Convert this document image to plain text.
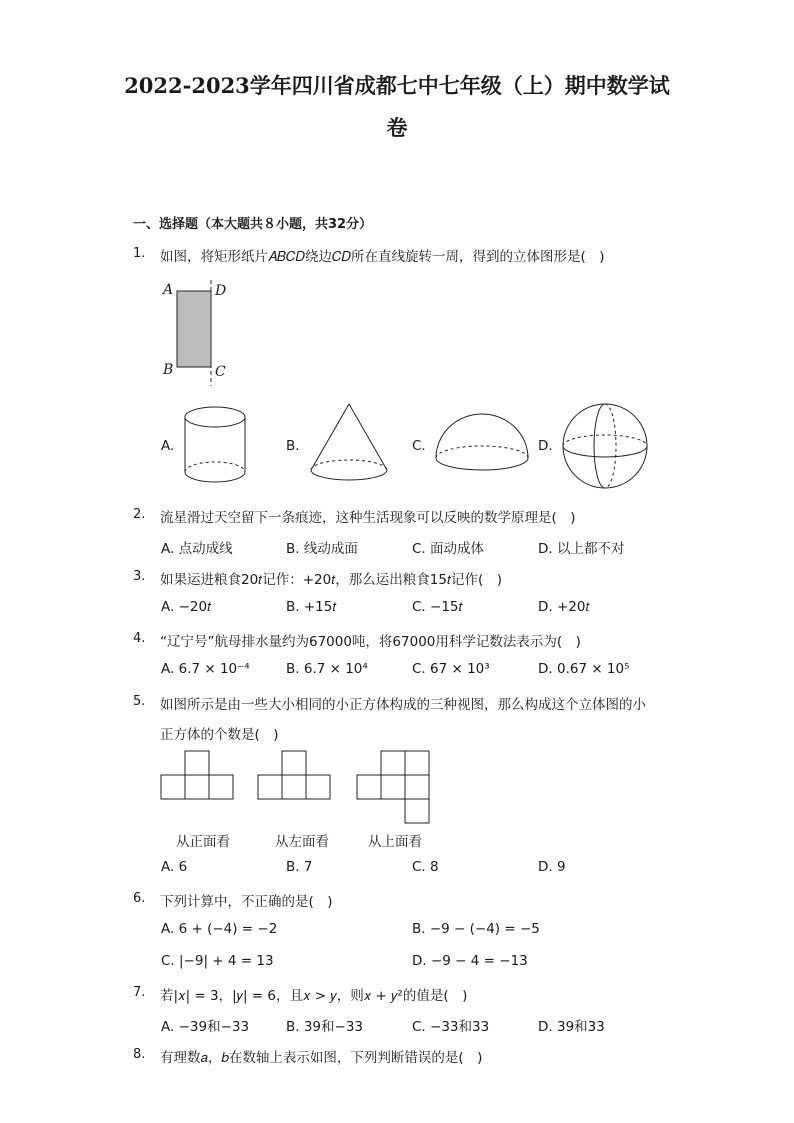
2022-2023学年四川省成都七中七年级（上）期中数学试
卷
一、选择题（本大题共８小题，共32分）
1. 如图，将矩形纸片𝐴𝐵𝐶𝐷绕边𝐶𝐷所在直线旋转一周，得到的立体图形是(　)
A	D
B	C
A.	B.	C.	D.
2. 流星滑过天空留下一条痕迹，这种生活现象可以反映的数学原理是(　)
A. 点动成线	B. 线动成面	C. 面动成体	D. 以上都不对
3. 如果运进粮食20𝑡记作：+20𝑡，那么运出粮食15𝑡记作(　)
A. −20𝑡	B. +15𝑡	C. −15𝑡	D. +20𝑡
4. “辽宁号”航母排水量约为67000吨，将67000用科学记数法表示为(　)
A. 6.7 × 10⁻⁴	B. 6.7 × 10⁴	C. 67 × 10³	D. 0.67 × 10⁵
5. 如图所示是由一些大小相同的小正方体构成的三种视图，那么构成这个立体图的小
正方体的个数是(　)
从正面看	从左面看	从上面看
A. 6	B. 7	C. 8	D. 9
6. 下列计算中，不正确的是(　)
A. 6 + (−4) = −2	B. −9 − (−4) = −5
C. |−9| + 4 = 13	D. −9 − 4 = −13
7. 若|𝑥| = 3，|𝑦| = 6，且𝑥 > 𝑦，则𝑥 + 𝑦²的值是(　)
A. −39和−33	B. 39和−33	C. −33和33	D. 39和33
8. 有理数𝑎，𝑏在数轴上表示如图，下列判断错误的是(　)
